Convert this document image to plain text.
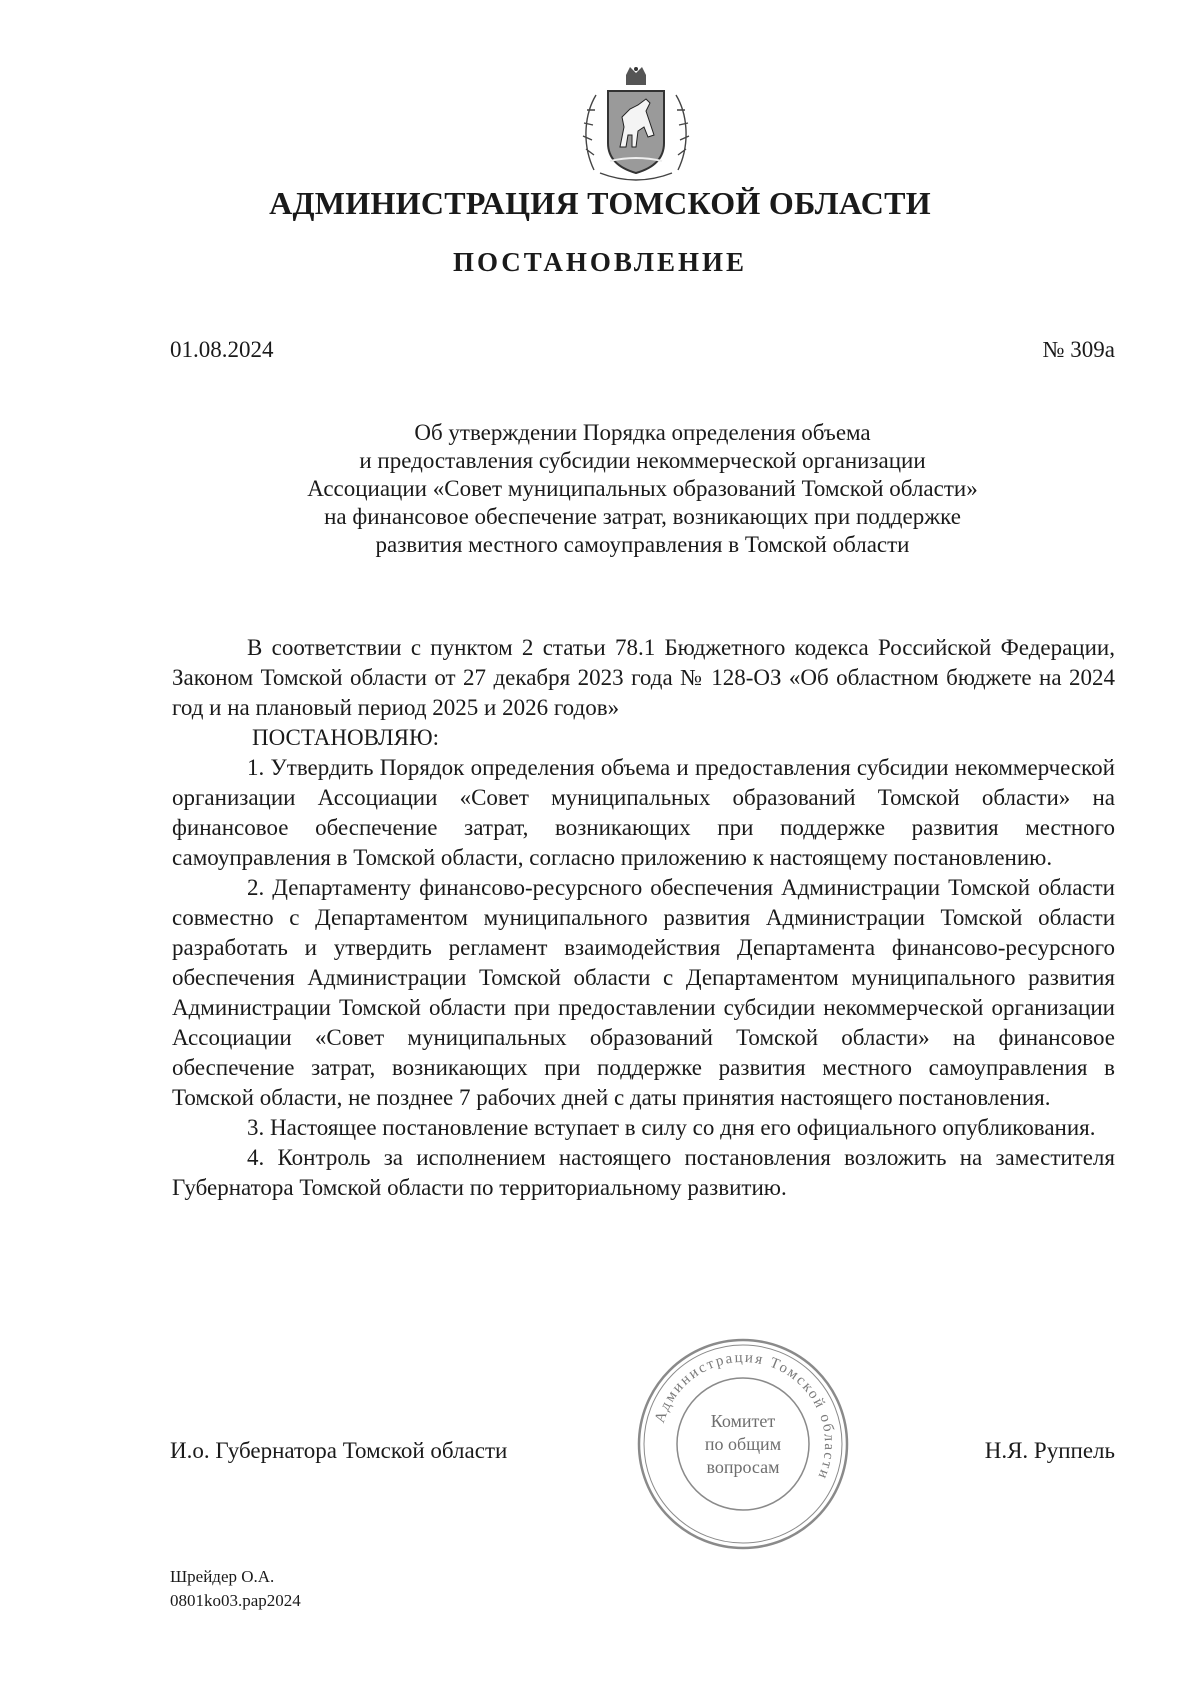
АДМИНИСТРАЦИЯ ТОМСКОЙ ОБЛАСТИ
ПОСТАНОВЛЕНИЕ
01.08.2024	№ 309а
Об утверждении Порядка определения объема
и предоставления субсидии некоммерческой организации
Ассоциации «Совет муниципальных образований Томской области»
на финансовое обеспечение затрат, возникающих при поддержке
развития местного самоуправления в Томской области

В соответствии с пунктом 2 статьи 78.1 Бюджетного кодекса Российской Федерации, Законом Томской области от 27 декабря 2023 года № 128-ОЗ «Об областном бюджете на 2024 год и на плановый период 2025 и 2026 годов»

ПОСТАНОВЛЯЮ:

1. Утвердить Порядок определения объема и предоставления субсидии некоммерческой организации Ассоциации «Совет муниципальных образований Томской области» на финансовое обеспечение затрат, возникающих при поддержке развития местного самоуправления в Томской области, согласно приложению к настоящему постановлению.

2. Департаменту финансово-ресурсного обеспечения Администрации Томской области совместно с Департаментом муниципального развития Администрации Томской области разработать и утвердить регламент взаимодействия Департамента финансово-ресурсного обеспечения Администрации Томской области с Департаментом муниципального развития Администрации Томской области при предоставлении субсидии некоммерческой организации Ассоциации «Совет муниципальных образований Томской области» на финансовое обеспечение затрат, возникающих при поддержке развития местного самоуправления в Томской области, не позднее 7 рабочих дней с даты принятия настоящего постановления.

3. Настоящее постановление вступает в силу со дня его официального опубликования.

4. Контроль за исполнением настоящего постановления возложить на заместителя Губернатора Томской области по территориальному развитию.

И.о. Губернатора Томской области	Н.Я. Руппель
Администрация Томской области
Комитет
по общим
вопросам
Шрейдер О.А.
0801ko03.pap2024
